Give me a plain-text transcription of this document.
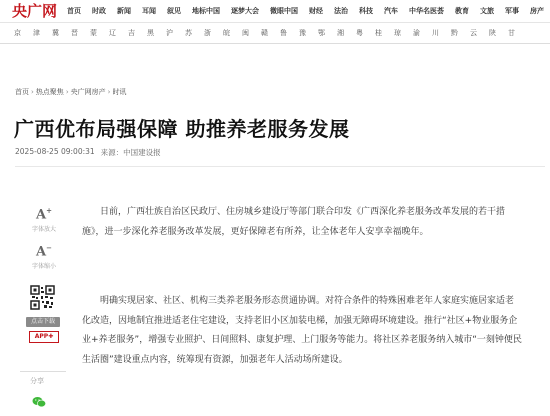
央广网 首页 时政 新闻 耳闻 叙见 地标中国 逐梦大会 微眼中国 财经 法治 科技 汽车 中华名医荟 教育 文旅 军事 房产
京 津 冀 晋 蒙 辽 吉 黑 沪 苏 浙 皖 闽 赣 鲁 豫 鄂 湘 粤 桂 琼 渝 川 黔 云 陕 甘
首页 › 热点聚焦 › 央广网房产 › 时讯
广西优布局强保障 助推养老服务发展
2025-08-25 09:00:31 来源：中国建设报
A+
字体放大
A−
字体缩小
点击下载
APP✚
分享
日前，广西壮族自治区民政厅、住房城乡建设厅等部门联合印发《广西深化养老服务改革发展的若干措施》，进一步深化养老服务改革发展，更好保障老有所养，让全体老年人安享幸福晚年。
明确实现居家、社区、机构三类养老服务形态贯通协调。对符合条件的特殊困难老年人家庭实施居家适老化改造，因地制宜推进适老住宅建设，支持老旧小区加装电梯，加强无障碍环境建设。推行“社区+物业服务企业+养老服务”，增强专业照护、日间照料、康复护理、上门服务等能力。将社区养老服务纳入城市“一刻钟便民生活圈”建设重点内容，统筹现有资源，加强老年人活动场所建设。
